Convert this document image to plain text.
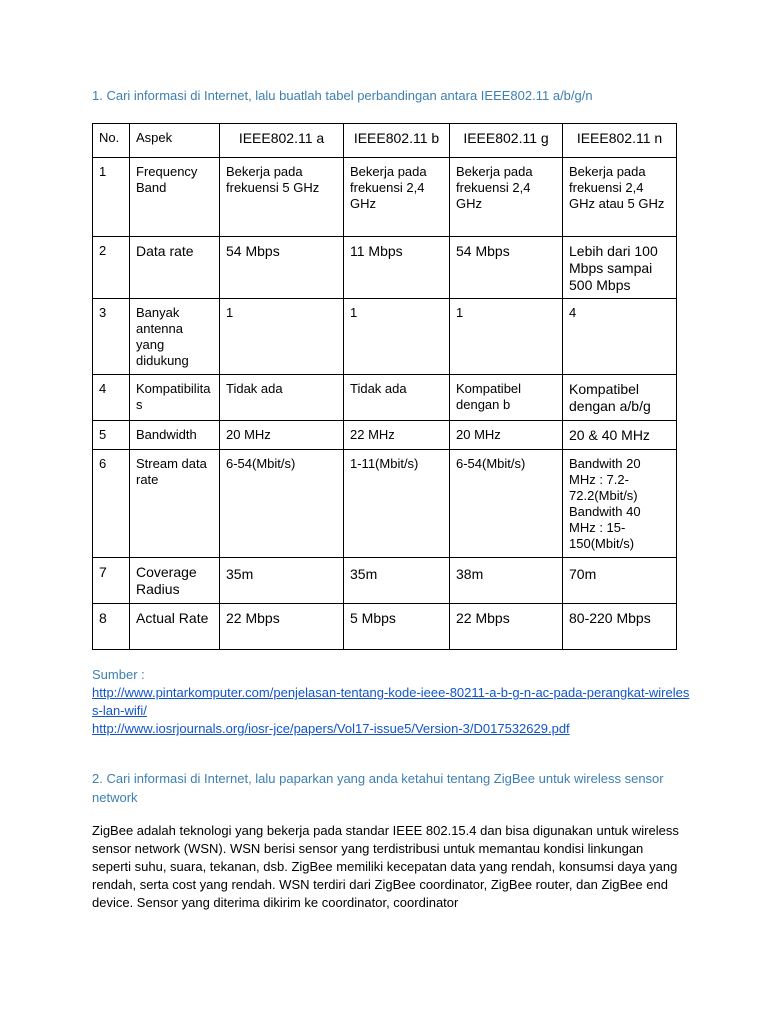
1. Cari informasi di Internet, lalu buatlah tabel perbandingan antara IEEE802.11 a/b/g/n
No.	Aspek	IEEE802.11 a	IEEE802.11 b	IEEE802.11 g	IEEE802.11 n
1	Frequency Band	Bekerja pada frekuensi 5 GHz	Bekerja pada frekuensi 2,4 GHz	Bekerja pada frekuensi 2,4 GHz	Bekerja pada frekuensi 2,4 GHz atau 5 GHz
2	Data rate	54 Mbps	11 Mbps	54 Mbps	Lebih dari 100 Mbps sampai 500 Mbps
3	Banyak antenna yang didukung	1	1	1	4
4	Kompatibilitas	Tidak ada	Tidak ada	Kompatibel dengan b	Kompatibel dengan a/b/g
5	Bandwidth	20 MHz	22 MHz	20 MHz	20 & 40 MHz
6	Stream data rate	6-54(Mbit/s)	1-11(Mbit/s)	6-54(Mbit/s)	Bandwith 20 MHz : 7.2-72.2(Mbit/s) Bandwith 40 MHz : 15-150(Mbit/s)
7	Coverage Radius	35m	35m	38m	70m
8	Actual Rate	22 Mbps	5 Mbps	22 Mbps	80-220 Mbps
Sumber :
http://www.pintarkomputer.com/penjelasan-tentang-kode-ieee-80211-a-b-g-n-ac-pada-perangkat-wireless-lan-wifi/
http://www.iosrjournals.org/iosr-jce/papers/Vol17-issue5/Version-3/D017532629.pdf
2. Cari informasi di Internet, lalu paparkan yang anda ketahui tentang ZigBee untuk wireless sensor network
ZigBee adalah teknologi yang bekerja pada standar IEEE 802.15.4 dan bisa digunakan untuk wireless sensor network (WSN). WSN berisi sensor yang terdistribusi untuk memantau kondisi linkungan seperti suhu, suara, tekanan, dsb. ZigBee memiliki kecepatan data yang rendah, konsumsi daya yang rendah, serta cost yang rendah. WSN terdiri dari ZigBee coordinator, ZigBee router, dan ZigBee end device. Sensor yang diterima dikirim ke coordinator, coordinator
